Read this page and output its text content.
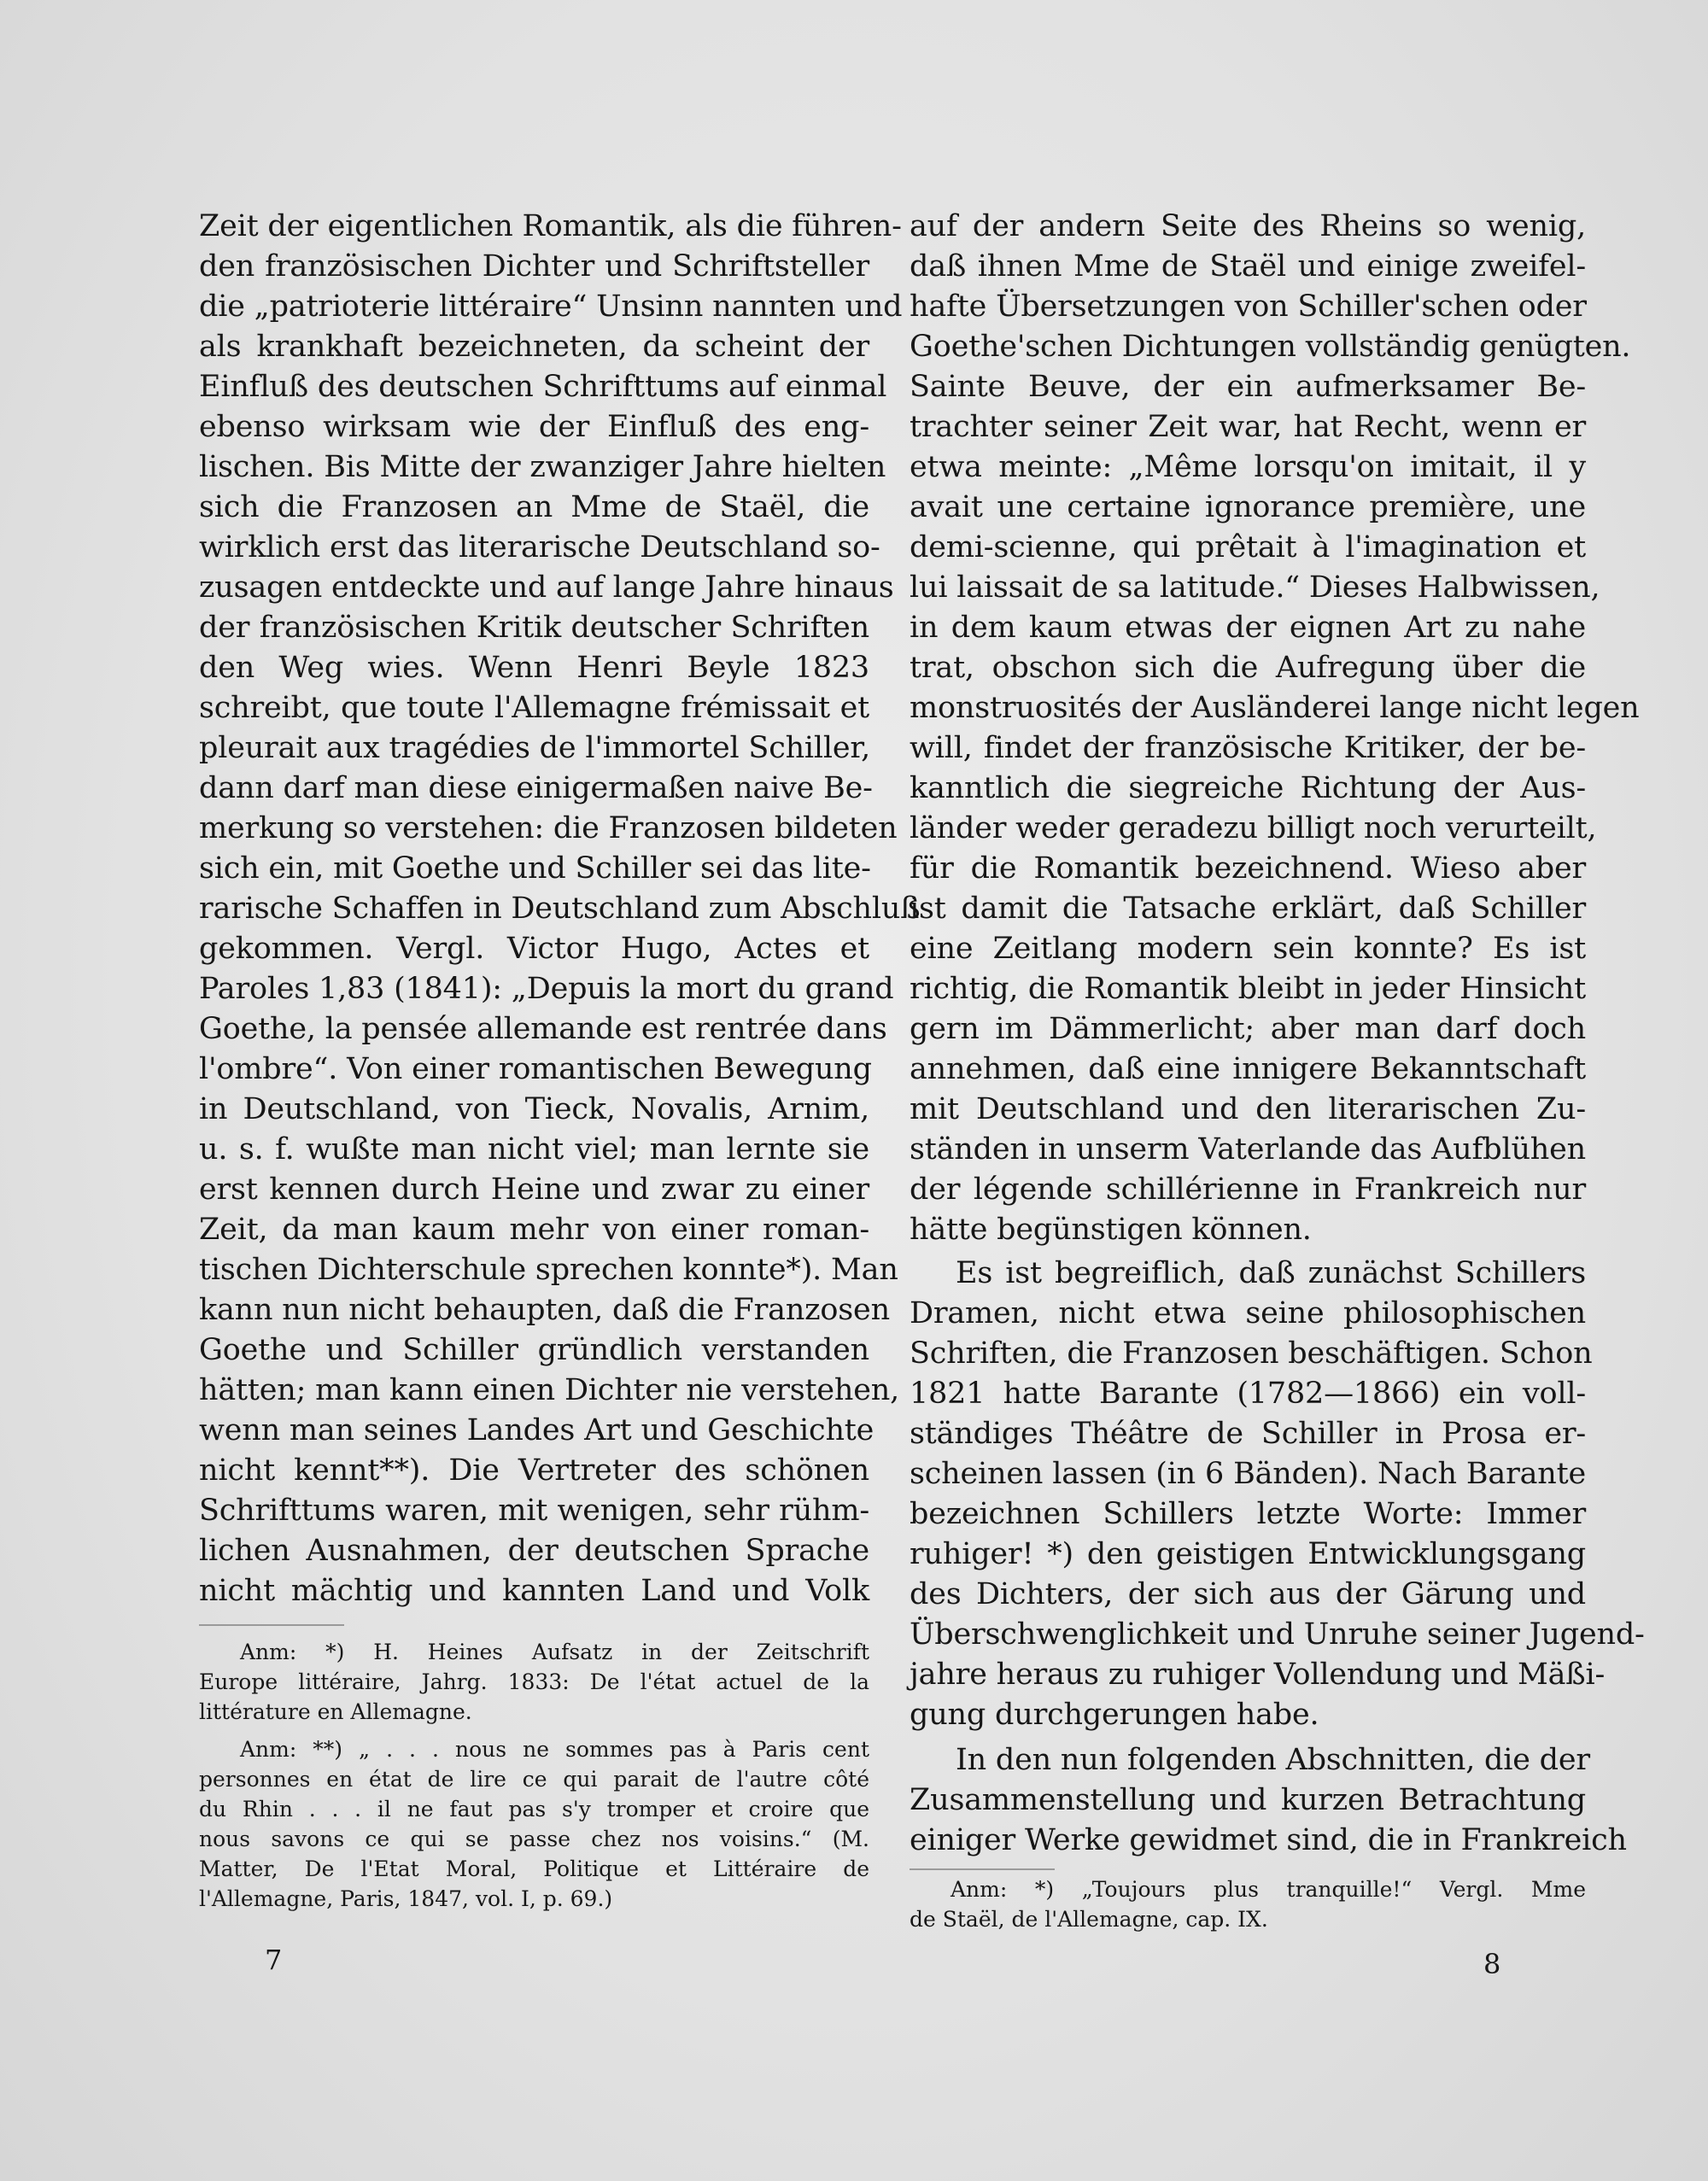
Zeit der eigentlichen Romantik, als die führen-
den französischen Dichter und Schriftsteller
die „patrioterie littéraire“ Unsinn nannten und
als krankhaft bezeichneten, da scheint der
Einfluß des deutschen Schrifttums auf einmal
ebenso wirksam wie der Einfluß des eng-
lischen. Bis Mitte der zwanziger Jahre hielten
sich die Franzosen an Mme de Staël, die
wirklich erst das literarische Deutschland so-
zusagen entdeckte und auf lange Jahre hinaus
der französischen Kritik deutscher Schriften
den Weg wies. Wenn Henri Beyle 1823
schreibt, que toute l'Allemagne frémissait et
pleurait aux tragédies de l'immortel Schiller,
dann darf man diese einigermaßen naive Be-
merkung so verstehen: die Franzosen bildeten
sich ein, mit Goethe und Schiller sei das lite-
rarische Schaffen in Deutschland zum Abschluß
gekommen. Vergl. Victor Hugo, Actes et
Paroles 1,83 (1841): „Depuis la mort du grand
Goethe, la pensée allemande est rentrée dans
l'ombre“. Von einer romantischen Bewegung
in Deutschland, von Tieck, Novalis, Arnim,
u. s. f. wußte man nicht viel; man lernte sie
erst kennen durch Heine und zwar zu einer
Zeit, da man kaum mehr von einer roman-
tischen Dichterschule sprechen konnte*). Man
kann nun nicht behaupten, daß die Franzosen
Goethe und Schiller gründlich verstanden
hätten; man kann einen Dichter nie verstehen,
wenn man seines Landes Art und Geschichte
nicht kennt**). Die Vertreter des schönen
Schrifttums waren, mit wenigen, sehr rühm-
lichen Ausnahmen, der deutschen Sprache
nicht mächtig und kannten Land und Volk
Anm: *) H. Heines Aufsatz in der Zeitschrift
Europe littéraire, Jahrg. 1833: De l'état actuel de la
littérature en Allemagne.
Anm: **) „ . . . nous ne sommes pas à Paris cent
personnes en état de lire ce qui parait de l'autre côté
du Rhin . . . il ne faut pas s'y tromper et croire que
nous savons ce qui se passe chez nos voisins.“ (M.
Matter, De l'Etat Moral, Politique et Littéraire de
l'Allemagne, Paris, 1847, vol. I, p. 69.)
7
auf der andern Seite des Rheins so wenig,
daß ihnen Mme de Staël und einige zweifel-
hafte Übersetzungen von Schiller'schen oder
Goethe'schen Dichtungen vollständig genügten.
Sainte Beuve, der ein aufmerksamer Be-
trachter seiner Zeit war, hat Recht, wenn er
etwa meinte: „Même lorsqu'on imitait, il y
avait une certaine ignorance première, une
demi-scienne, qui prêtait à l'imagination et
lui laissait de sa latitude.“ Dieses Halbwissen,
in dem kaum etwas der eignen Art zu nahe
trat, obschon sich die Aufregung über die
monstruosités der Ausländerei lange nicht legen
will, findet der französische Kritiker, der be-
kanntlich die siegreiche Richtung der Aus-
länder weder geradezu billigt noch verurteilt,
für die Romantik bezeichnend. Wieso aber
ist damit die Tatsache erklärt, daß Schiller
eine Zeitlang modern sein konnte? Es ist
richtig, die Romantik bleibt in jeder Hinsicht
gern im Dämmerlicht; aber man darf doch
annehmen, daß eine innigere Bekanntschaft
mit Deutschland und den literarischen Zu-
ständen in unserm Vaterlande das Aufblühen
der légende schillérienne in Frankreich nur
hätte begünstigen können.
Es ist begreiflich, daß zunächst Schillers
Dramen, nicht etwa seine philosophischen
Schriften, die Franzosen beschäftigen. Schon
1821 hatte Barante (1782—1866) ein voll-
ständiges Théâtre de Schiller in Prosa er-
scheinen lassen (in 6 Bänden). Nach Barante
bezeichnen Schillers letzte Worte: Immer
ruhiger! *) den geistigen Entwicklungsgang
des Dichters, der sich aus der Gärung und
Überschwenglichkeit und Unruhe seiner Jugend-
jahre heraus zu ruhiger Vollendung und Mäßi-
gung durchgerungen habe.
In den nun folgenden Abschnitten, die der
Zusammenstellung und kurzen Betrachtung
einiger Werke gewidmet sind, die in Frankreich
Anm: *) „Toujours plus tranquille!“ Vergl. Mme
de Staël, de l'Allemagne, cap. IX.
8
